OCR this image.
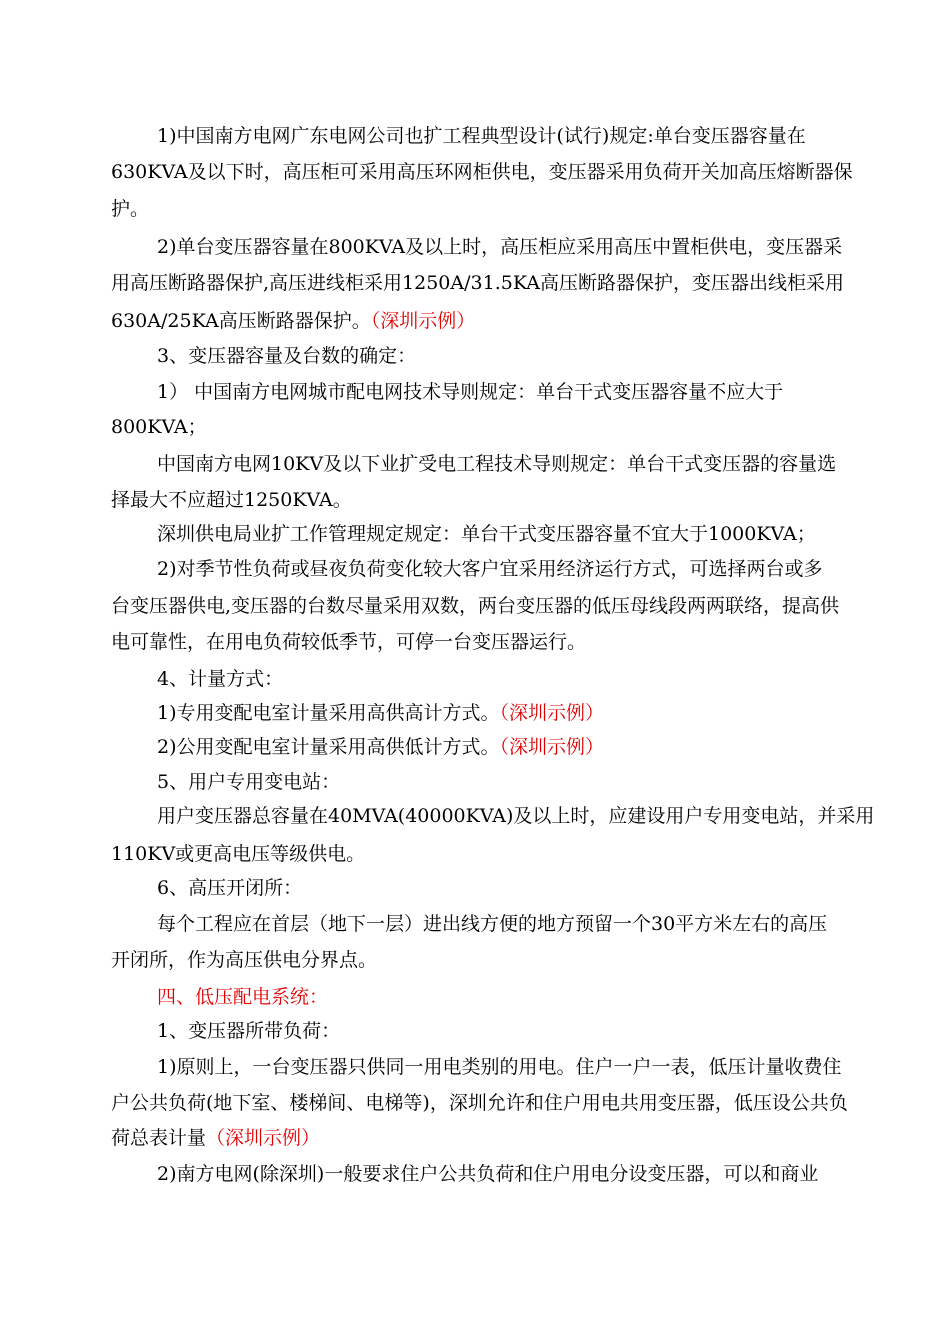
1)中国南方电网广东电网公司也扩工程典型设计(试行)规定:单台变压器容量在
630KVA及以下时，高压柜可采用高压环网柜供电，变压器采用负荷开关加高压熔断器保
护。
2)单台变压器容量在800KVA及以上时，高压柜应采用高压中置柜供电，变压器采
用高压断路器保护,高压进线柜采用1250A/31.5KA高压断路器保护，变压器出线柜采用
630A/25KA高压断路器保护。（深圳示例）
3、变压器容量及台数的确定：
1） 中国南方电网城市配电网技术导则规定：单台干式变压器容量不应大于
800KVA；
中国南方电网10KV及以下业扩受电工程技术导则规定：单台干式变压器的容量选
择最大不应超过1250KVA。
深圳供电局业扩工作管理规定规定：单台干式变压器容量不宜大于1000KVA；
2)对季节性负荷或昼夜负荷变化较大客户宜采用经济运行方式，可选择两台或多
台变压器供电,变压器的台数尽量采用双数，两台变压器的低压母线段两两联络，提高供
电可靠性，在用电负荷较低季节，可停一台变压器运行。
4、计量方式：
1)专用变配电室计量采用高供高计方式。（深圳示例）
2)公用变配电室计量采用高供低计方式。（深圳示例）
5、用户专用变电站：
用户变压器总容量在40MVA(40000KVA)及以上时，应建设用户专用变电站，并采用
110KV或更高电压等级供电。
6、高压开闭所：
每个工程应在首层（地下一层）进出线方便的地方预留一个30平方米左右的高压
开闭所，作为高压供电分界点。
四、低压配电系统：
1、变压器所带负荷：
1)原则上，一台变压器只供同一用电类别的用电。住户一户一表，低压计量收费住
户公共负荷(地下室、楼梯间、电梯等)，深圳允许和住户用电共用变压器，低压设公共负
荷总表计量（深圳示例）
2)南方电网(除深圳)一般要求住户公共负荷和住户用电分设变压器，可以和商业
